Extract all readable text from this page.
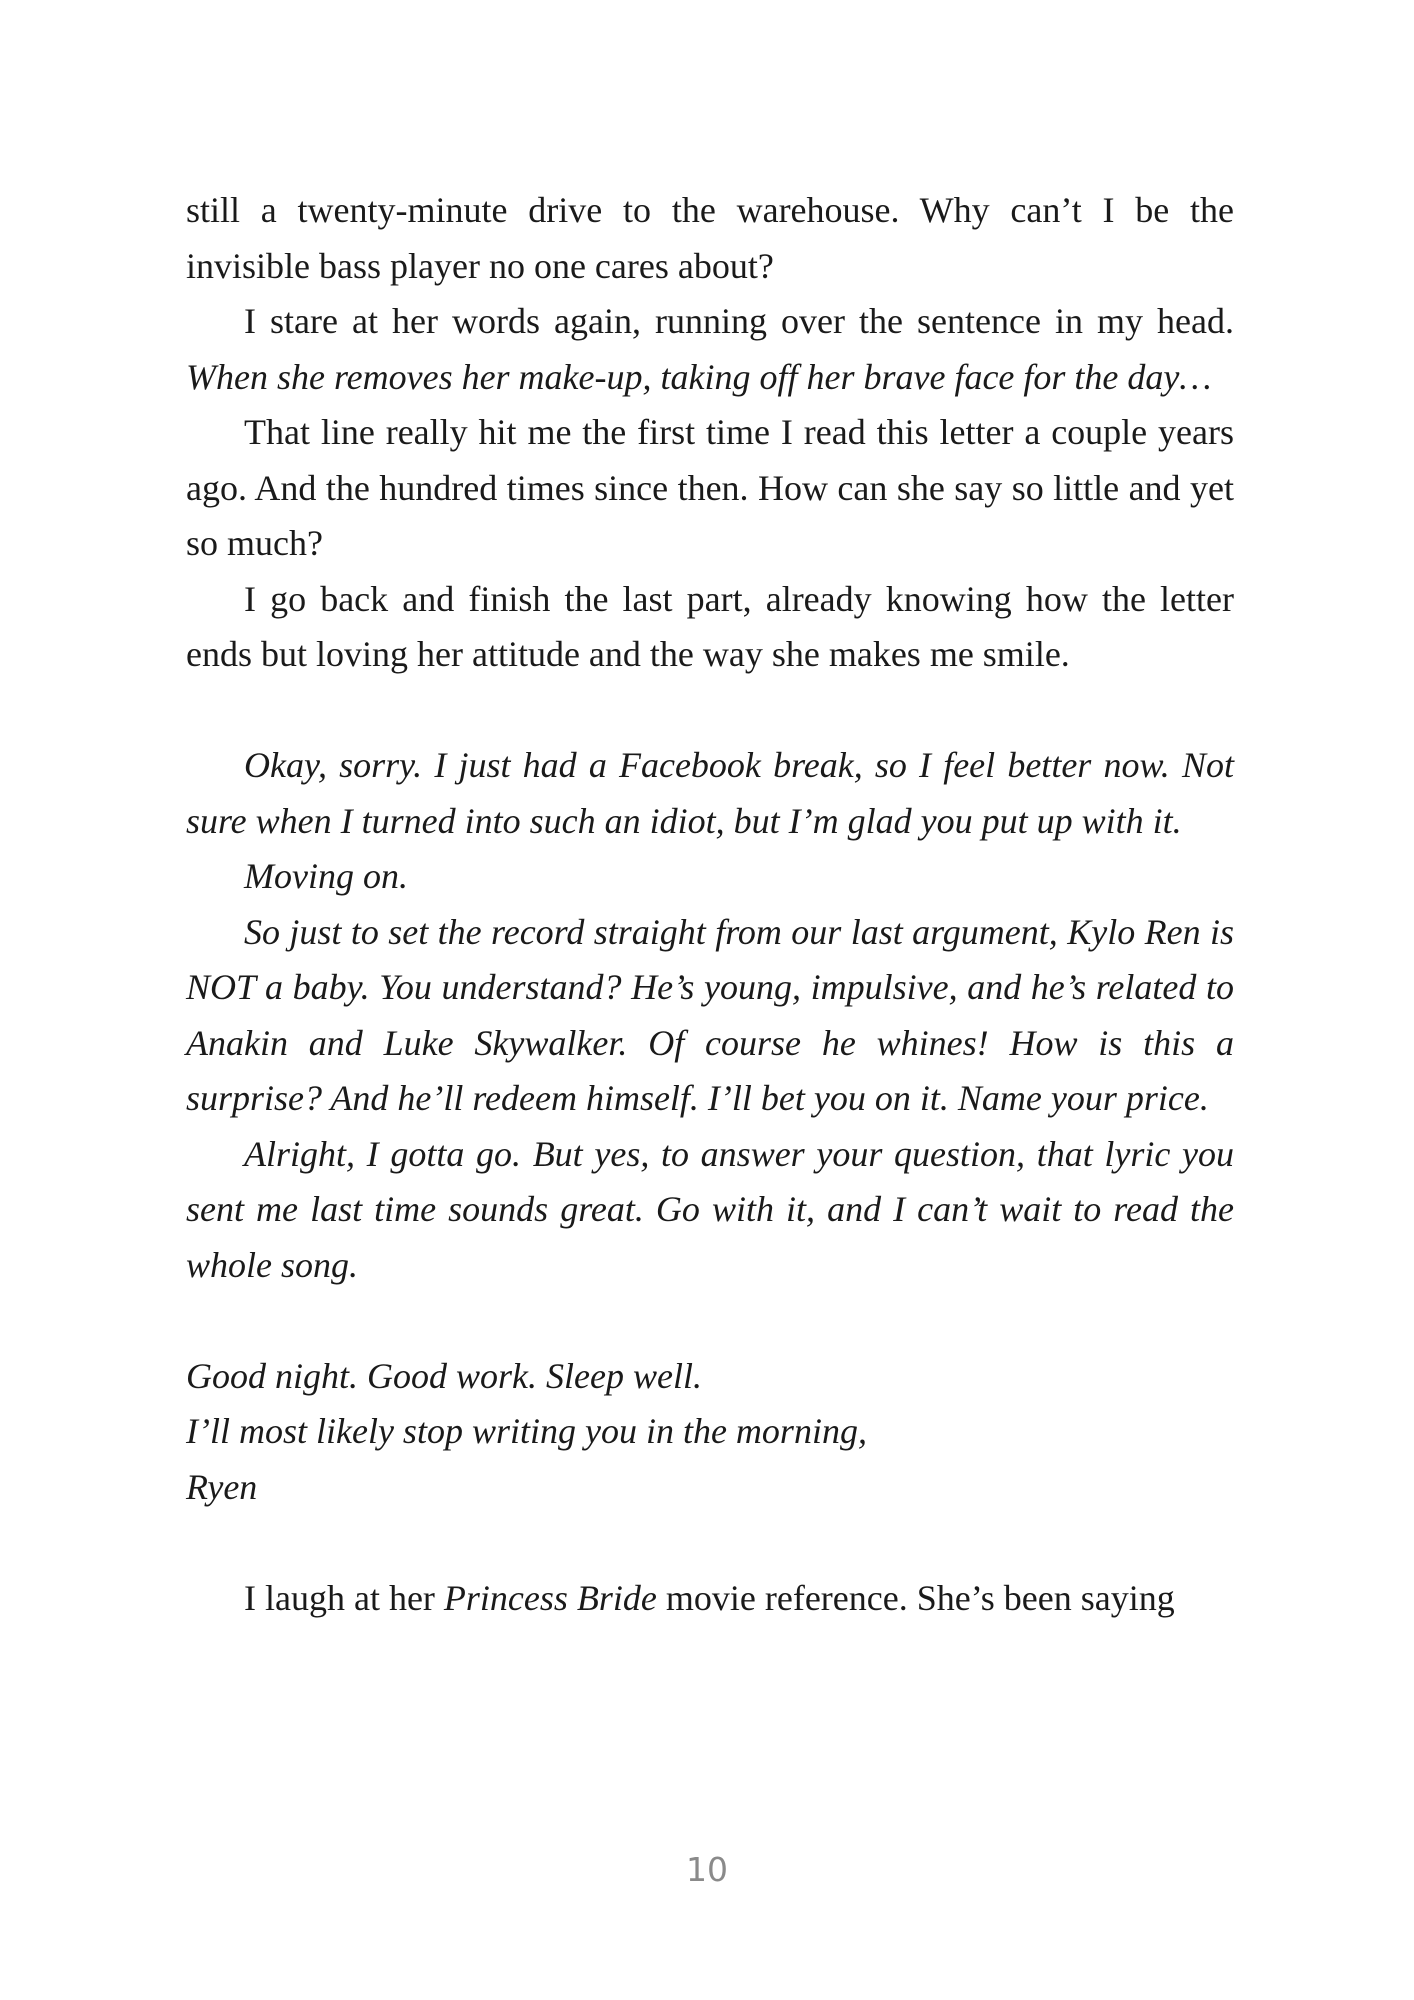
still a twenty-minute drive to the warehouse. Why can’t I be the invisible bass player no one cares about?

I stare at her words again, running over the sentence in my head. When she removes her make-up, taking off her brave face for the day…

That line really hit me the first time I read this letter a couple years ago. And the hundred times since then. How can she say so little and yet so much?

I go back and finish the last part, already knowing how the letter ends but loving her attitude and the way she makes me smile.

Okay, sorry. I just had a Facebook break, so I feel better now. Not sure when I turned into such an idiot, but I’m glad you put up with it.

Moving on.

So just to set the record straight from our last argument, Kylo Ren is NOT a baby. You understand? He’s young, impulsive, and he’s related to Anakin and Luke Skywalker. Of course he whines! How is this a surprise? And he’ll redeem himself. I’ll bet you on it. Name your price.

Alright, I gotta go. But yes, to answer your question, that lyric you sent me last time sounds great. Go with it, and I can’t wait to read the whole song.

Good night. Good work. Sleep well.

I’ll most likely stop writing you in the morning,

Ryen

I laugh at her Princess Bride movie reference. She’s been saying

10
